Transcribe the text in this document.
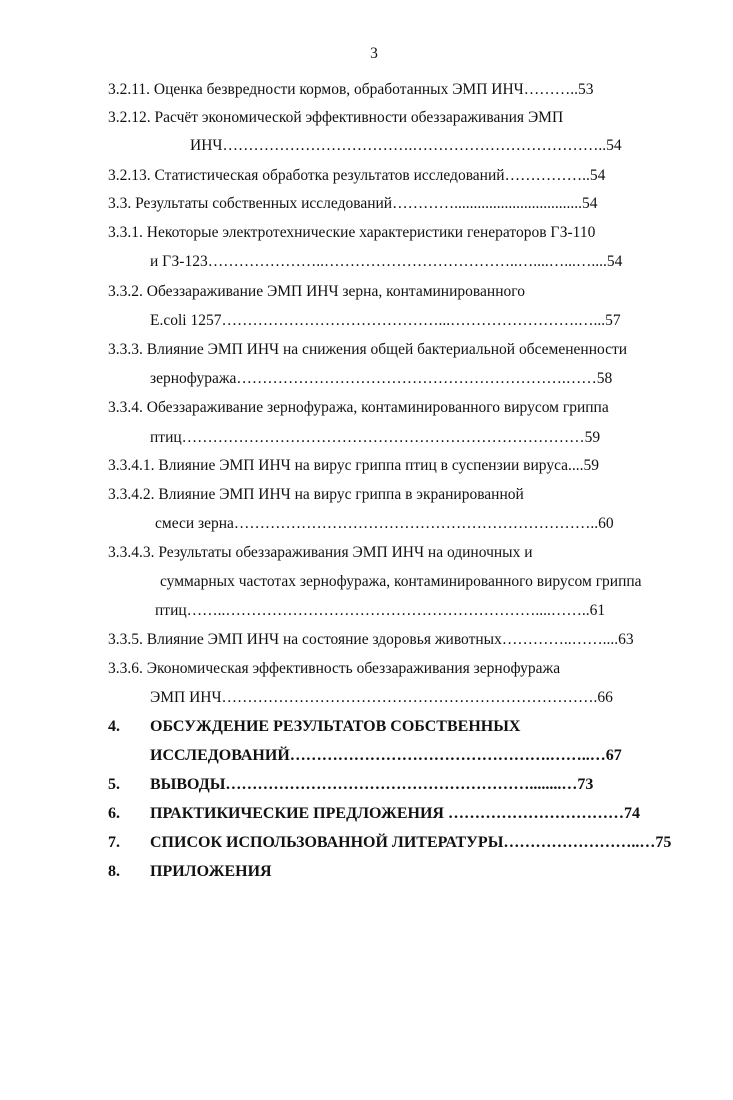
3
3.2.11. Оценка безвредности кормов, обработанных ЭМП ИНЧ………..53
3.2.12. Расчёт экономической эффективности обеззараживания ЭМП
ИНЧ……………………………….………………………………..54
3.2.13. Статистическая обработка результатов исследований……………..54
3.3. Результаты собственных исследований………….................................54
3.3.1. Некоторые электротехнические характеристики генераторов ГЗ-110
и ГЗ-123…………………..………………………………..…....…...…....54
3.3.2. Обеззараживание ЭМП ИНЧ зерна, контаминированного
E.coli 1257……………………………………...…………………….…...57
3.3.3. Влияние ЭМП ИНЧ на снижения общей бактериальной обсемененности
зернофуража……………………………………………………….……58
3.3.4. Обеззараживание зернофуража, контаминированного вирусом гриппа
птиц……………………………………………………………………59
3.3.4.1. Влияние ЭМП ИНЧ на вирус гриппа птиц в суспензии вируса....59
3.3.4.2. Влияние ЭМП ИНЧ на вирус гриппа в экранированной
смеси зерна……………………………………………………………..60
3.3.4.3. Результаты обеззараживания ЭМП ИНЧ на одиночных и
суммарных частотах зернофуража, контаминированного вирусом гриппа
птиц……..……………………………………………………....……..61
3.3.5. Влияние ЭМП ИНЧ на состояние здоровья животных…………..……....63
3.3.6. Экономическая эффективность обеззараживания зернофуража
ЭМП ИНЧ……………………………………………………………….66
4. ОБСУЖДЕНИЕ РЕЗУЛЬТАТОВ СОБСТВЕННЫХ
ИССЛЕДОВАНИЙ………………………………………….……..…67
5. ВЫВОДЫ…………………………………………………........…73
6. ПРАКТИКИЧЕСКИЕ ПРЕДЛОЖЕНИЯ ……………………………74
7. СПИСОК ИСПОЛЬЗОВАННОЙ ЛИТЕРАТУРЫ……………………..…75
8. ПРИЛОЖЕНИЯ
